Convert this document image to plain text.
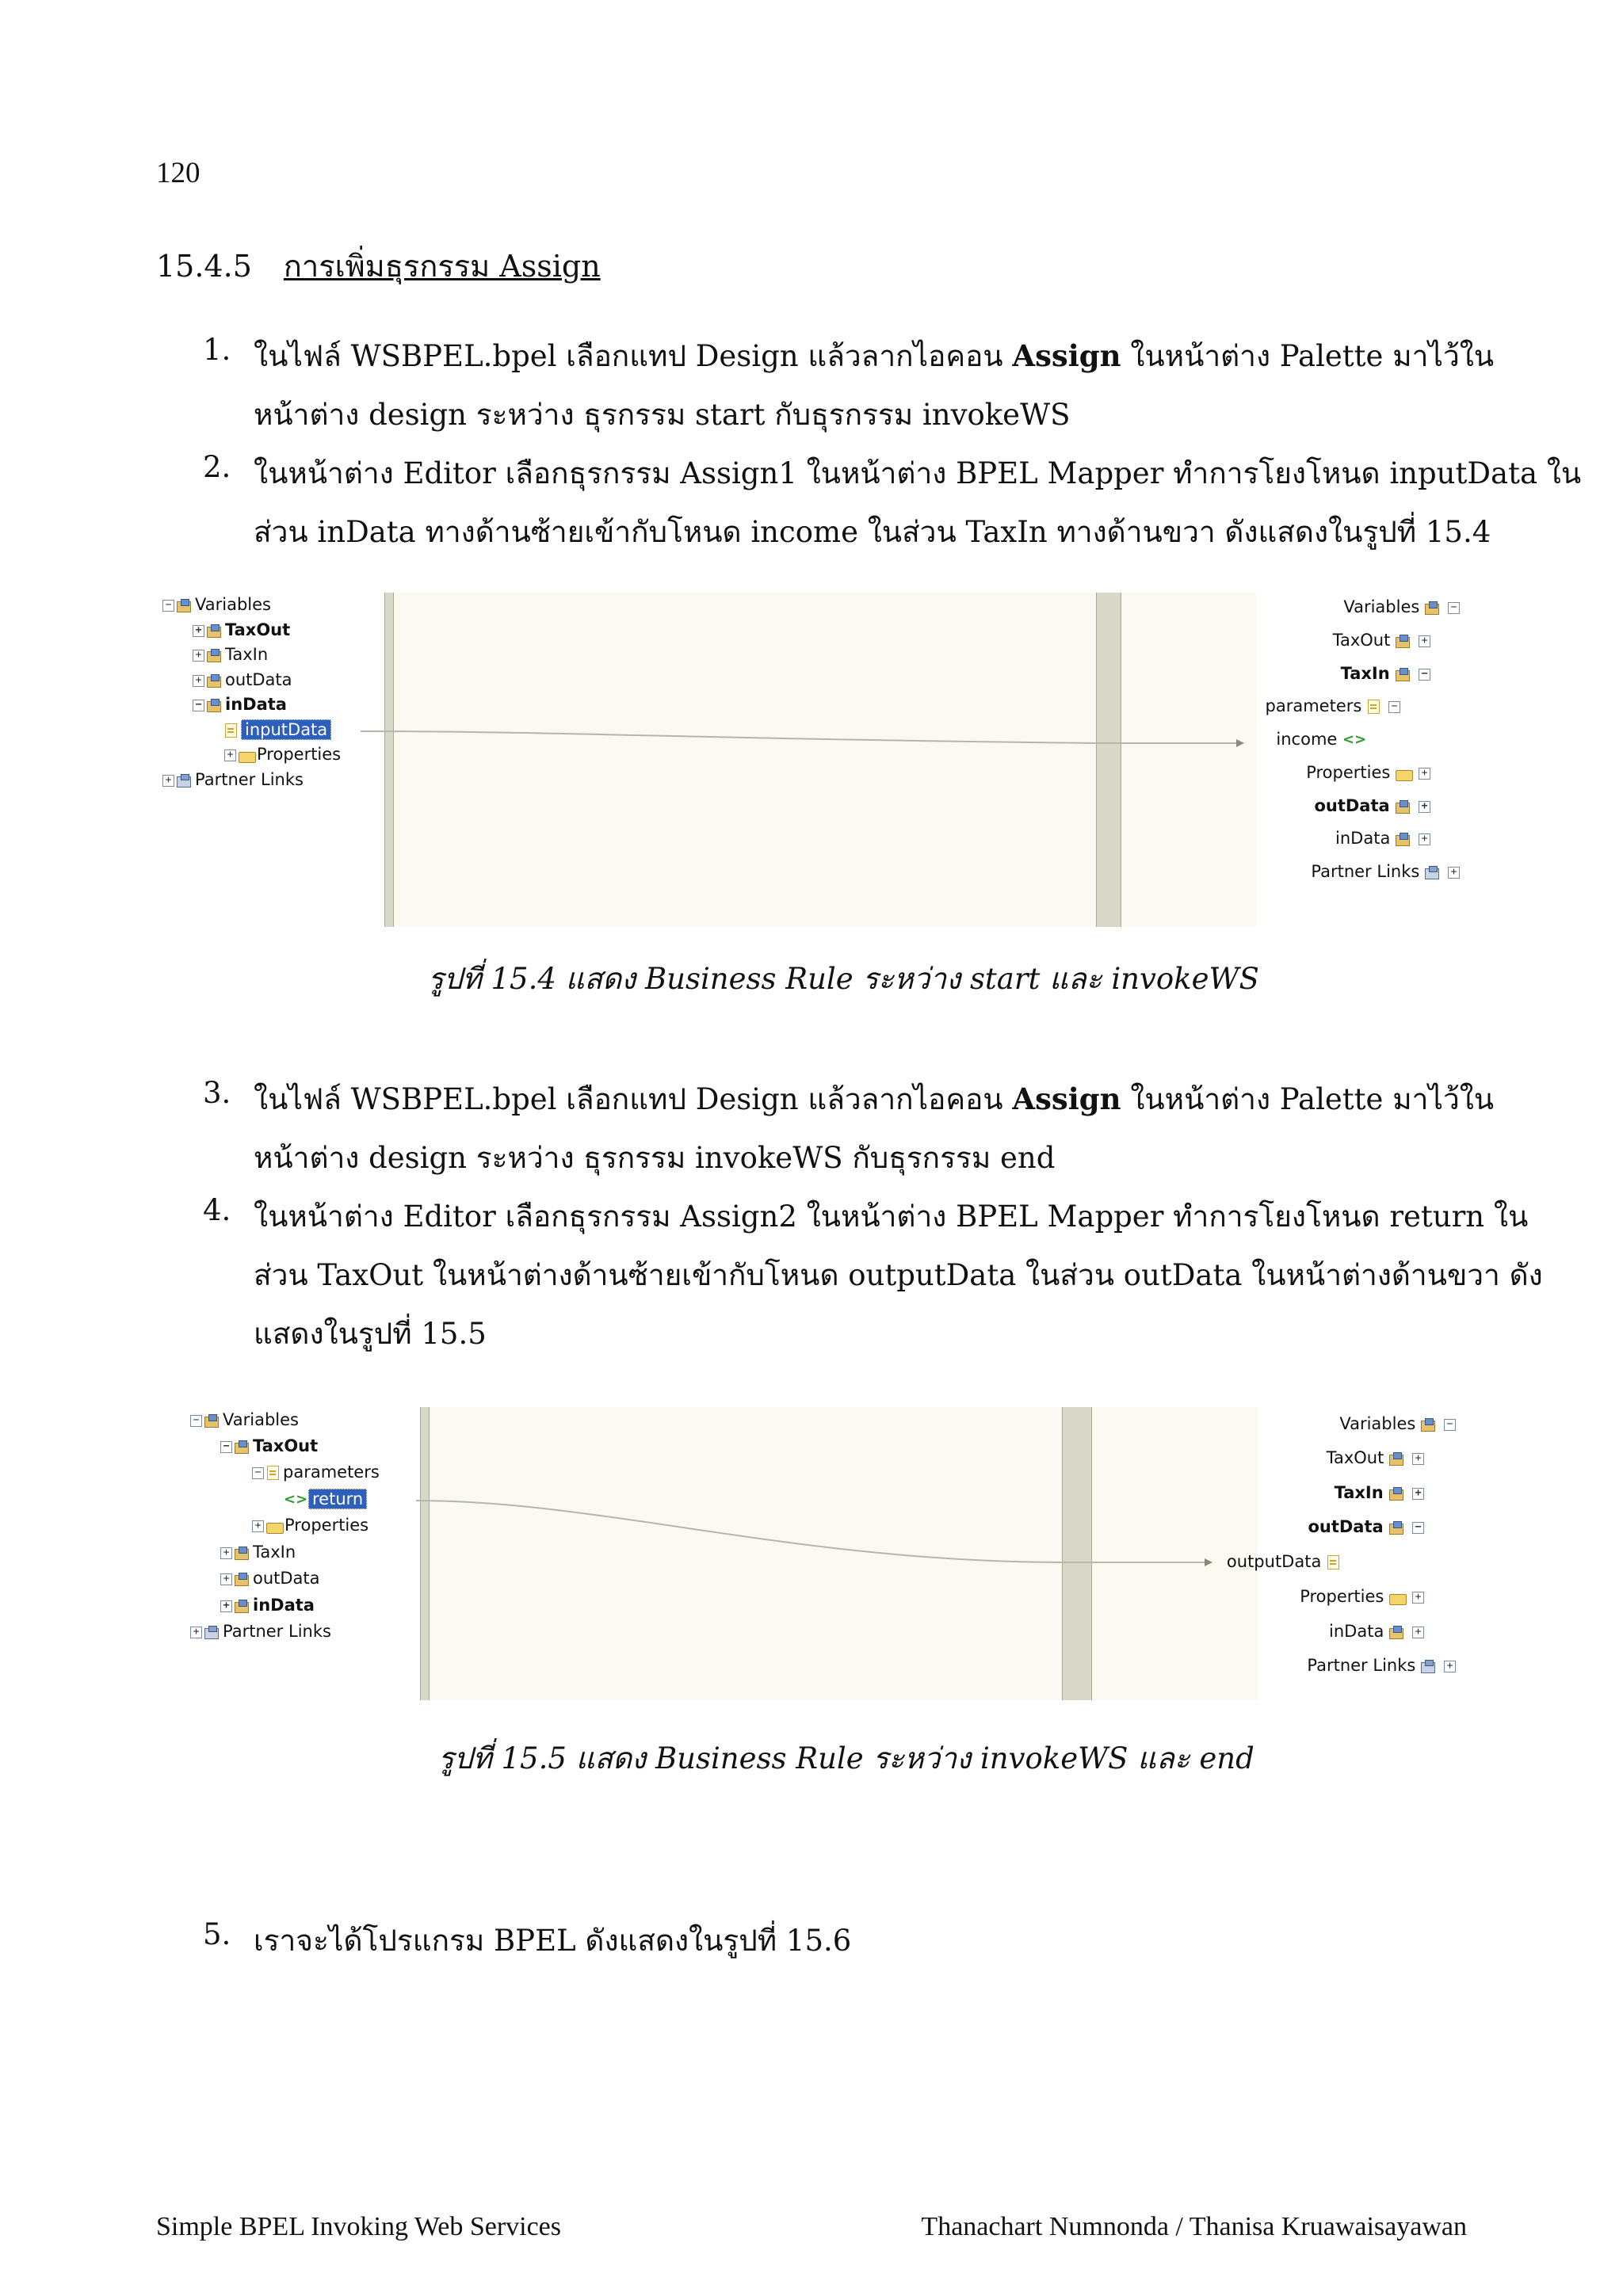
120
15.4.5 การเพิ่มธุรกรรม Assign
1. ในไฟล์ WSBPEL.bpel เลือกแทป Design แล้วลากไอคอน Assign ในหน้าต่าง Palette มาไว้ใน
หน้าต่าง design ระหว่าง ธุรกรรม start กับธุรกรรม invokeWS
2. ในหน้าต่าง Editor เลือกธุรกรรม Assign1 ในหน้าต่าง BPEL Mapper ทำการโยงโหนด inputData ใน
ส่วน inData ทางด้านซ้ายเข้ากับโหนด income ในส่วน TaxIn ทางด้านขวา ดังแสดงในรูปที่ 15.4
3. ในไฟล์ WSBPEL.bpel เลือกแทป Design แล้วลากไอคอน Assign ในหน้าต่าง Palette มาไว้ใน
หน้าต่าง design ระหว่าง ธุรกรรม invokeWS กับธุรกรรม end
4. ในหน้าต่าง Editor เลือกธุรกรรม Assign2 ในหน้าต่าง BPEL Mapper ทำการโยงโหนด return ใน
ส่วน TaxOut ในหน้าต่างด้านซ้ายเข้ากับโหนด outputData ในส่วน outData ในหน้าต่างด้านขวา ดัง
แสดงในรูปที่ 15.5
5. เราจะได้โปรแกรม BPEL ดังแสดงในรูปที่ 15.6
− Variables
+ TaxOut
+ TaxIn
+ outData
− inData
inputData
+ Properties
+ Partner Links
Variables	−
TaxOut	+
TaxIn	−
parameters −
income <>
Properties	+
outData	+
inData	+
Partner Links	+
รูปที่ 15.4 แสดง Business Rule ระหว่าง start และ invokeWS
− Variables
− TaxOut
− parameters
<> return
+ Properties
+ TaxIn
+ outData
+ inData
+ Partner Links
Variables	−
TaxOut	+
TaxIn	+
outData	−
outputData
Properties	+
inData	+
Partner Links	+
รูปที่ 15.5 แสดง Business Rule ระหว่าง invokeWS และ end
Simple BPEL Invoking Web Services	Thanachart Numnonda / Thanisa Kruawaisayawan
